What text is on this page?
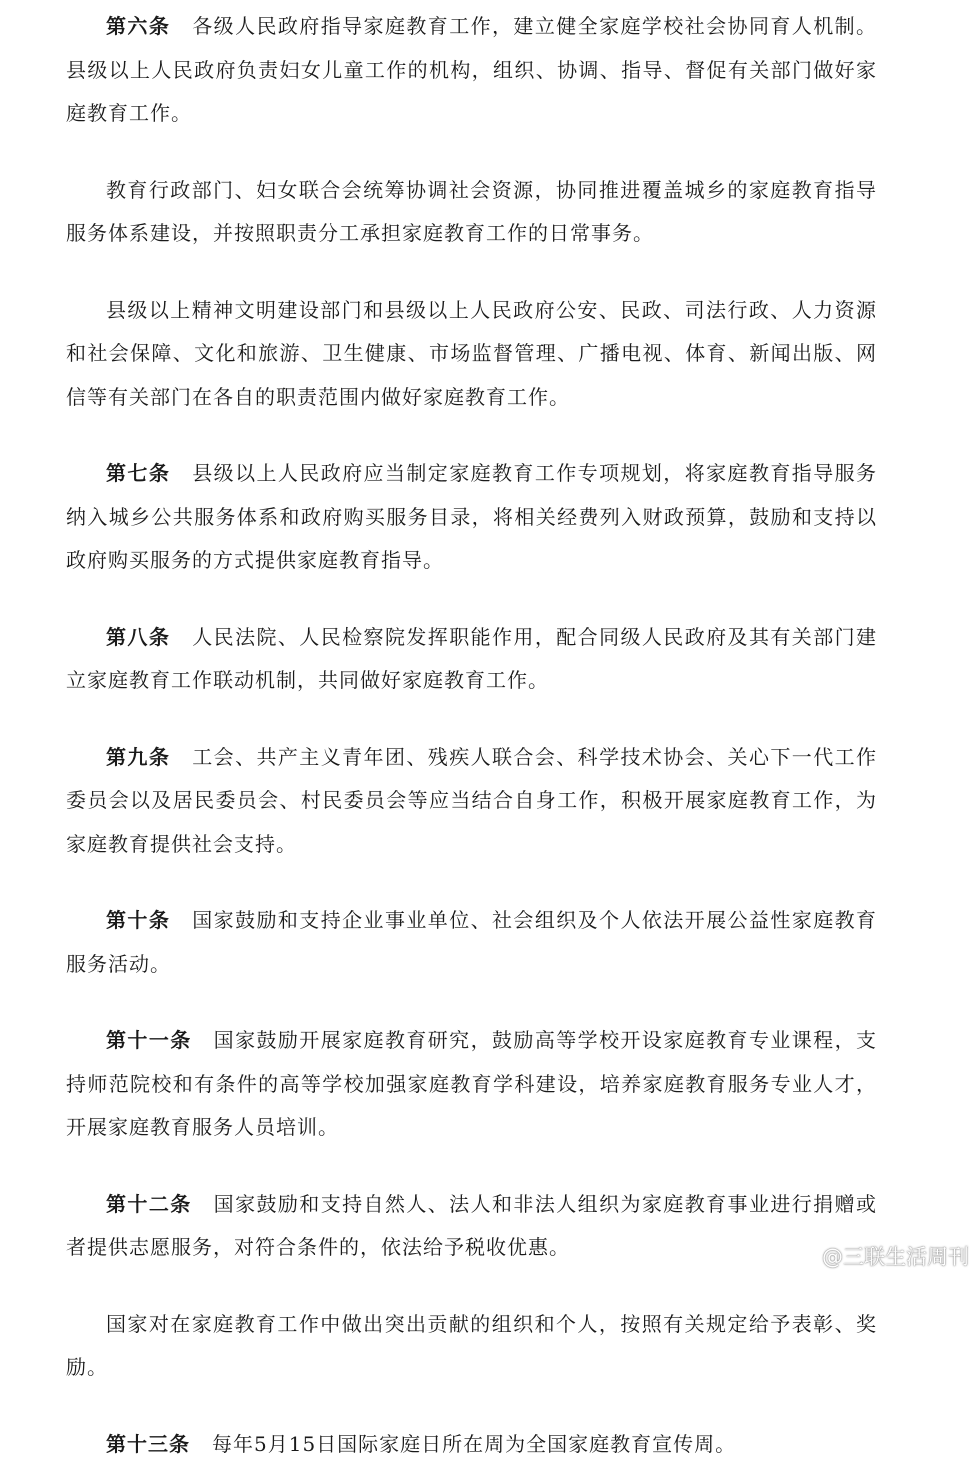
第六条 各级人民政府指导家庭教育工作，建立健全家庭学校社会协同育人机制。县级以上人民政府负责妇女儿童工作的机构，组织、协调、指导、督促有关部门做好家庭教育工作。

教育行政部门、妇女联合会统筹协调社会资源，协同推进覆盖城乡的家庭教育指导服务体系建设，并按照职责分工承担家庭教育工作的日常事务。

县级以上精神文明建设部门和县级以上人民政府公安、民政、司法行政、人力资源和社会保障、文化和旅游、卫生健康、市场监督管理、广播电视、体育、新闻出版、网信等有关部门在各自的职责范围内做好家庭教育工作。

第七条 县级以上人民政府应当制定家庭教育工作专项规划，将家庭教育指导服务纳入城乡公共服务体系和政府购买服务目录，将相关经费列入财政预算，鼓励和支持以政府购买服务的方式提供家庭教育指导。

第八条 人民法院、人民检察院发挥职能作用，配合同级人民政府及其有关部门建立家庭教育工作联动机制，共同做好家庭教育工作。

第九条 工会、共产主义青年团、残疾人联合会、科学技术协会、关心下一代工作委员会以及居民委员会、村民委员会等应当结合自身工作，积极开展家庭教育工作，为家庭教育提供社会支持。

第十条 国家鼓励和支持企业事业单位、社会组织及个人依法开展公益性家庭教育服务活动。

第十一条 国家鼓励开展家庭教育研究，鼓励高等学校开设家庭教育专业课程，支持师范院校和有条件的高等学校加强家庭教育学科建设，培养家庭教育服务专业人才，开展家庭教育服务人员培训。

第十二条 国家鼓励和支持自然人、法人和非法人组织为家庭教育事业进行捐赠或者提供志愿服务，对符合条件的，依法给予税收优惠。

国家对在家庭教育工作中做出突出贡献的组织和个人，按照有关规定给予表彰、奖励。

第十三条 每年5月15日国际家庭日所在周为全国家庭教育宣传周。

@三联生活周刊
